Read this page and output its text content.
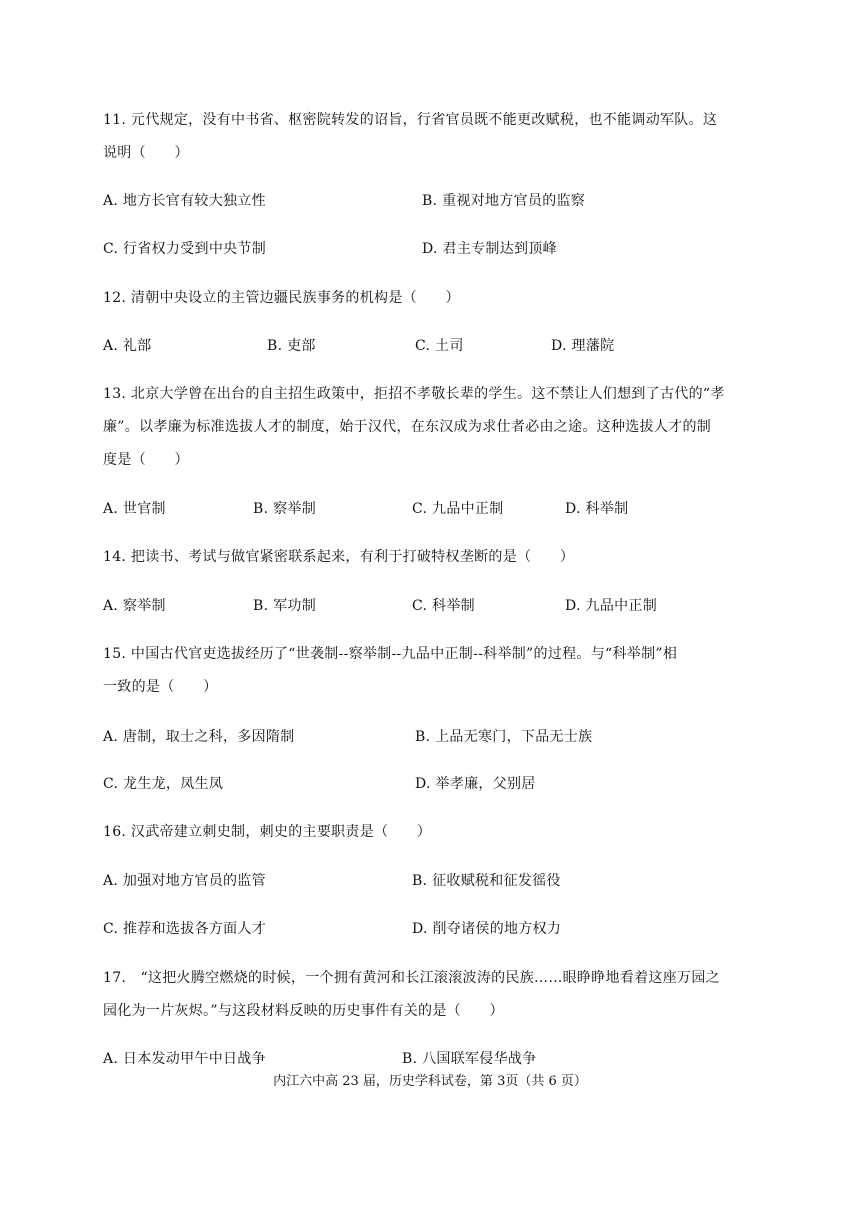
11. 元代规定，没有中书省、枢密院转发的诏旨，行省官员既不能更改赋税，也不能调动军队。这
说明（　　）
A. 地方长官有较大独立性	B. 重视对地方官员的监察
C. 行省权力受到中央节制	D. 君主专制达到顶峰
12. 清朝中央设立的主管边疆民族事务的机构是（　　）
A. 礼部	B. 吏部	C. 土司	D. 理藩院
13. 北京大学曾在出台的自主招生政策中，拒招不孝敬长辈的学生。这不禁让人们想到了古代的“孝
廉”。以孝廉为标准选拔人才的制度，始于汉代，在东汉成为求仕者必由之途。这种选拔人才的制
度是（　　）
A. 世官制	B. 察举制	C. 九品中正制	D. 科举制
14. 把读书、考试与做官紧密联系起来，有利于打破特权垄断的是（　　）
A. 察举制	B. 军功制	C. 科举制	D. 九品中正制
15. 中国古代官吏选拔经历了“世袭制--察举制--九品中正制--科举制”的过程。与“科举制”相
一致的是（　　）
A. 唐制，取士之科，多因隋制	B. 上品无寒门，下品无士族
C. 龙生龙，凤生凤	D. 举孝廉，父别居
16. 汉武帝建立刺史制，刺史的主要职责是（　　）
A. 加强对地方官员的监管	B. 征收赋税和征发徭役
C. 推荐和选拔各方面人才	D. 削夺诸侯的地方权力
17.　“这把火腾空燃烧的时候，一个拥有黄河和长江滚滚波涛的民族……眼睁睁地看着这座万园之
园化为一片灰烬。”与这段材料反映的历史事件有关的是（　　）
A. 日本发动甲午中日战争	B. 八国联军侵华战争
内江六中高 23 届，历史学科试卷，第 3页（共 6 页）
